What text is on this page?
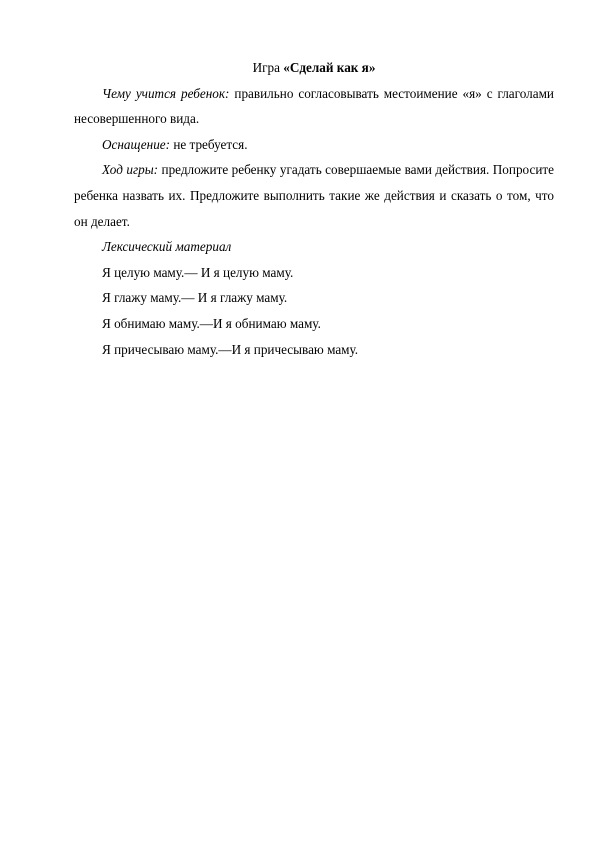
Игра «Сделай как я»

Чему учится ребенок: правильно согласовывать местоимение «я» с глаголами несовершенного вида.

Оснащение: не требуется.

Ход игры: предложите ребенку угадать совершаемые вами действия. Попросите ребенка назвать их. Предложите выполнить такие же действия и сказать о том, что он делает.

Лексический материал

Я целую маму.— И я целую маму.

Я глажу маму.— И я глажу маму.

Я обнимаю маму.—И я обнимаю маму.

Я причесываю маму.—И я причесываю маму.
